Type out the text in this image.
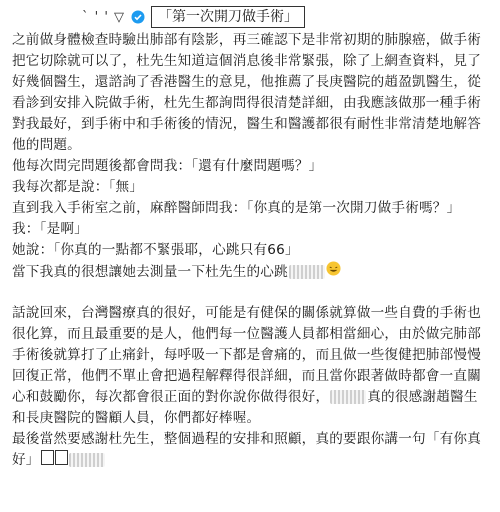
` ' ' ▽	「第一次開刀做手術」

之前做身體檢查時驗出肺部有陰影，再三確認下是非常初期的肺腺癌，做手術把它切除就可以了，杜先生知道這個消息後非常緊張，除了上網查資料，見了好幾個醫生，還諮詢了香港醫生的意見，他推薦了長庚醫院的趙盈凱醫生，從看診到安排入院做手術，杜先生都詢問得很清楚詳細，由我應該做那一種手術對我最好，到手術中和手術後的情況，醫生和醫護都很有耐性非常清楚地解答他的問題。

他每次問完問題後都會問我：「還有什麼問題嗎？」

我每次都是說：「無」

直到我入手術室之前，麻醉醫師問我：「你真的是第一次開刀做手術嗎？」

我：「是啊」

她說：「你真的一點都不緊張耶，心跳只有66」

當下我真的很想讓她去測量一下杜先生的心跳

話說回來，台灣醫療真的很好，可能是有健保的關係就算做一些自費的手術也很化算，而且最重要的是人，他們每一位醫護人員都相當細心，由於做完肺部手術後就算打了止痛針，每呼吸一下都是會痛的，而且做一些復健把肺部慢慢回復正常，他們不單止會把過程解釋得很詳細，而且當你跟著做時都會一直關心和鼓勵你，每次都會很正面的對你說你做得很好，	真的很感謝趙醫生和長庚醫院的醫顧人員，你們都好棒喔。

最後當然要感謝杜先生，整個過程的安排和照顧，真的要跟你講一句「有你真好」
